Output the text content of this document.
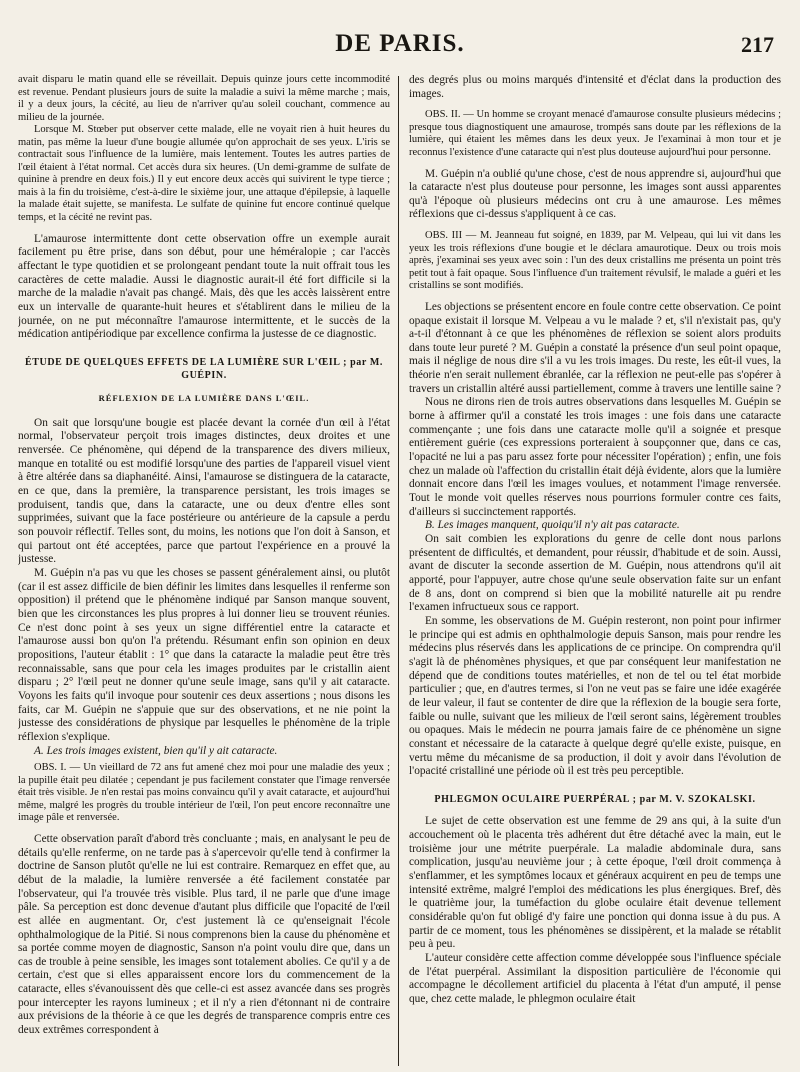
DE PARIS.	217

avait disparu le matin quand elle se réveillait. Depuis quinze jours cette incommodité est revenue. Pendant plusieurs jours de suite la maladie a suivi la même marche ; mais, il y a deux jours, la cécité, au lieu de n'arriver qu'au soleil couchant, commence au milieu de la journée.

Lorsque M. Stœber put observer cette malade, elle ne voyait rien à huit heures du matin, pas même la lueur d'une bougie allumée qu'on approchait de ses yeux. L'iris se contractait sous l'influence de la lumière, mais lentement. Toutes les autres parties de l'œil étaient à l'état normal. Cet accès dura six heures. (Un demi-gramme de sulfate de quinine à prendre en deux fois.) Il y eut encore deux accès qui suivirent le type tierce ; mais à la fin du troisième, c'est-à-dire le sixième jour, une attaque d'épilepsie, à laquelle la malade était sujette, se manifesta. Le sulfate de quinine fut encore continué quelque temps, et la cécité ne revint pas.

L'amaurose intermittente dont cette observation offre un exemple aurait facilement pu être prise, dans son début, pour une héméralopie ; car l'accès affectant le type quotidien et se prolongeant pendant toute la nuit offrait tous les caractères de cette maladie. Aussi le diagnostic aurait-il été fort difficile si la marche de la maladie n'avait pas changé. Mais, dès que les accès laissèrent entre eux un intervalle de quarante-huit heures et s'établirent dans le milieu de la journée, on ne put méconnaître l'amaurose intermittente, et le succès de la médication antipériodique par excellence confirma la justesse de ce diagnostic.

ÉTUDE DE QUELQUES EFFETS DE LA LUMIÈRE SUR L'ŒIL ; par M. GUÉPIN.
RÉFLEXION DE LA LUMIÈRE DANS L'ŒIL.

On sait que lorsqu'une bougie est placée devant la cornée d'un œil à l'état normal, l'observateur perçoit trois images distinctes, deux droites et une renversée. Ce phénomène, qui dépend de la transparence des divers milieux, manque en totalité ou est modifié lorsqu'une des parties de l'appareil visuel vient à être altérée dans sa diaphanéité. Ainsi, l'amaurose se distinguera de la cataracte, en ce que, dans la première, la transparence persistant, les trois images se produisent, tandis que, dans la cataracte, une ou deux d'entre elles sont supprimées, suivant que la face postérieure ou antérieure de la capsule a perdu son pouvoir réflectif. Telles sont, du moins, les notions que l'on doit à Sanson, et qui partout ont été acceptées, parce que partout l'expérience en a prouvé la justesse.

M. Guépin n'a pas vu que les choses se passent généralement ainsi, ou plutôt (car il est assez difficile de bien définir les limites dans lesquelles il renferme son opposition) il prétend que le phénomène indiqué par Sanson manque souvent, bien que les circonstances les plus propres à lui donner lieu se trouvent réunies. Ce n'est donc point à ses yeux un signe différentiel entre la cataracte et l'amaurose aussi bon qu'on l'a prétendu. Résumant enfin son opinion en deux propositions, l'auteur établit : 1° que dans la cataracte la maladie peut être très reconnaissable, sans que pour cela les images produites par le cristallin aient disparu ; 2° l'œil peut ne donner qu'une seule image, sans qu'il y ait cataracte. Voyons les faits qu'il invoque pour soutenir ces deux assertions ; nous disons les faits, car M. Guépin ne s'appuie que sur des observations, et ne nie point la justesse des considérations de physique par lesquelles le phénomène de la triple réflexion s'explique.

A. Les trois images existent, bien qu'il y ait cataracte.

OBS. I. — Un vieillard de 72 ans fut amené chez moi pour une maladie des yeux ; la pupille était peu dilatée ; cependant je pus facilement constater que l'image renversée était très visible. Je n'en restai pas moins convaincu qu'il y avait cataracte, et aujourd'hui même, malgré les progrès du trouble intérieur de l'œil, l'on peut encore reconnaître une image pâle et renversée.

Cette observation paraît d'abord très concluante ; mais, en analysant le peu de détails qu'elle renferme, on ne tarde pas à s'apercevoir qu'elle tend à confirmer la doctrine de Sanson plutôt qu'elle ne lui est contraire. Remarquez en effet que, au début de la maladie, la lumière renversée a été facilement constatée par l'observateur, qui l'a trouvée très visible. Plus tard, il ne parle que d'une image pâle. Sa perception est donc devenue d'autant plus difficile que l'opacité de l'œil est allée en augmentant. Or, c'est justement là ce qu'enseignait l'école ophthalmologique de la Pitié. Si nous comprenons bien la cause du phénomène et sa portée comme moyen de diagnostic, Sanson n'a point voulu dire que, dans un cas de trouble à peine sensible, les images sont totalement abolies. Ce qu'il y a de certain, c'est que si elles apparaissent encore lors du commencement de la cataracte, elles s'évanouissent dès que celle-ci est assez avancée dans ses progrès pour intercepter les rayons lumineux ; et il n'y a rien d'étonnant ni de contraire aux prévisions de la théorie à ce que les degrés de transparence compris entre ces deux extrêmes correspondent à

des degrés plus ou moins marqués d'intensité et d'éclat dans la production des images.

OBS. II. — Un homme se croyant menacé d'amaurose consulte plusieurs médecins ; presque tous diagnostiquent une amaurose, trompés sans doute par les réflexions de la lumière, qui étaient les mêmes dans les deux yeux. Je l'examinai à mon tour et je reconnus l'existence d'une cataracte qui n'est plus douteuse aujourd'hui pour personne.

M. Guépin n'a oublié qu'une chose, c'est de nous apprendre si, aujourd'hui que la cataracte n'est plus douteuse pour personne, les images sont aussi apparentes qu'à l'époque où plusieurs médecins ont cru à une amaurose. Les mêmes réflexions que ci-dessus s'appliquent à ce cas.

OBS. III — M. Jeanneau fut soigné, en 1839, par M. Velpeau, qui lui vit dans les yeux les trois réflexions d'une bougie et le déclara amaurotique. Deux ou trois mois après, j'examinai ses yeux avec soin : l'un des deux cristallins me présenta un point très petit tout à fait opaque. Sous l'influence d'un traitement révulsif, le malade a guéri et les cristallins se sont modifiés.

Les objections se présentent encore en foule contre cette observation. Ce point opaque existait il lorsque M. Velpeau a vu le malade ? et, s'il n'existait pas, qu'y a-t-il d'étonnant à ce que les phénomènes de réflexion se soient alors produits dans toute leur pureté ? M. Guépin a constaté la présence d'un seul point opaque, mais il néglige de nous dire s'il a vu les trois images. Du reste, les eût-il vues, la théorie n'en serait nullement ébranlée, car la réflexion ne peut-elle pas s'opérer à travers un cristallin altéré aussi partiellement, comme à travers une lentille saine ?

Nous ne dirons rien de trois autres observations dans lesquelles M. Guépin se borne à affirmer qu'il a constaté les trois images : une fois dans une cataracte commençante ; une fois dans une cataracte molle qu'il a soignée et presque entièrement guérie (ces expressions porteraient à soupçonner que, dans ce cas, l'opacité ne lui a pas paru assez forte pour nécessiter l'opération) ; enfin, une fois chez un malade où l'affection du cristallin était déjà évidente, alors que la lumière donnait encore dans l'œil les images voulues, et notamment l'image renversée. Tout le monde voit quelles réserves nous pourrions formuler contre ces faits, d'ailleurs si succinctement rapportés.

B. Les images manquent, quoiqu'il n'y ait pas cataracte.

On sait combien les explorations du genre de celle dont nous parlons présentent de difficultés, et demandent, pour réussir, d'habitude et de soin. Aussi, avant de discuter la seconde assertion de M. Guépin, nous attendrons qu'il ait apporté, pour l'appuyer, autre chose qu'une seule observation faite sur un enfant de 8 ans, dont on comprend si bien que la mobilité naturelle ait pu rendre l'examen infructueux sous ce rapport.

En somme, les observations de M. Guépin resteront, non point pour infirmer le principe qui est admis en ophthalmologie depuis Sanson, mais pour rendre les médecins plus réservés dans les applications de ce principe. On comprendra qu'il s'agit là de phénomènes physiques, et que par conséquent leur manifestation ne dépend que de conditions toutes matérielles, et non de tel ou tel état morbide particulier ; que, en d'autres termes, si l'on ne veut pas se faire une idée exagérée de leur valeur, il faut se contenter de dire que la réflexion de la bougie sera forte, faible ou nulle, suivant que les milieux de l'œil seront sains, légèrement troubles ou opaques. Mais le médecin ne pourra jamais faire de ce phénomène un signe constant et nécessaire de la cataracte à quelque degré qu'elle existe, puisque, en vertu même du mécanisme de sa production, il doit y avoir dans l'évolution de l'opacité cristalliné une période où il est très peu perceptible.

PHLEGMON OCULAIRE PUERPÉRAL ; par M. V. SZOKALSKI.

Le sujet de cette observation est une femme de 29 ans qui, à la suite d'un accouchement où le placenta très adhérent dut être détaché avec la main, eut le troisième jour une métrite puerpérale. La maladie abdominale dura, sans complication, jusqu'au neuvième jour ; à cette époque, l'œil droit commença à s'enflammer, et les symptômes locaux et généraux acquirent en peu de temps une intensité extrême, malgré l'emploi des médications les plus énergiques. Bref, dès le quatrième jour, la tuméfaction du globe oculaire était devenue tellement considérable qu'on fut obligé d'y faire une ponction qui donna issue à du pus. A partir de ce moment, tous les phénomènes se dissipèrent, et la malade se rétablit peu à peu.

L'auteur considère cette affection comme développée sous l'influence spéciale de l'état puerpéral. Assimilant la disposition particulière de l'économie qui accompagne le décollement artificiel du placenta à l'état d'un amputé, il pense que, chez cette malade, le phlegmon oculaire était
